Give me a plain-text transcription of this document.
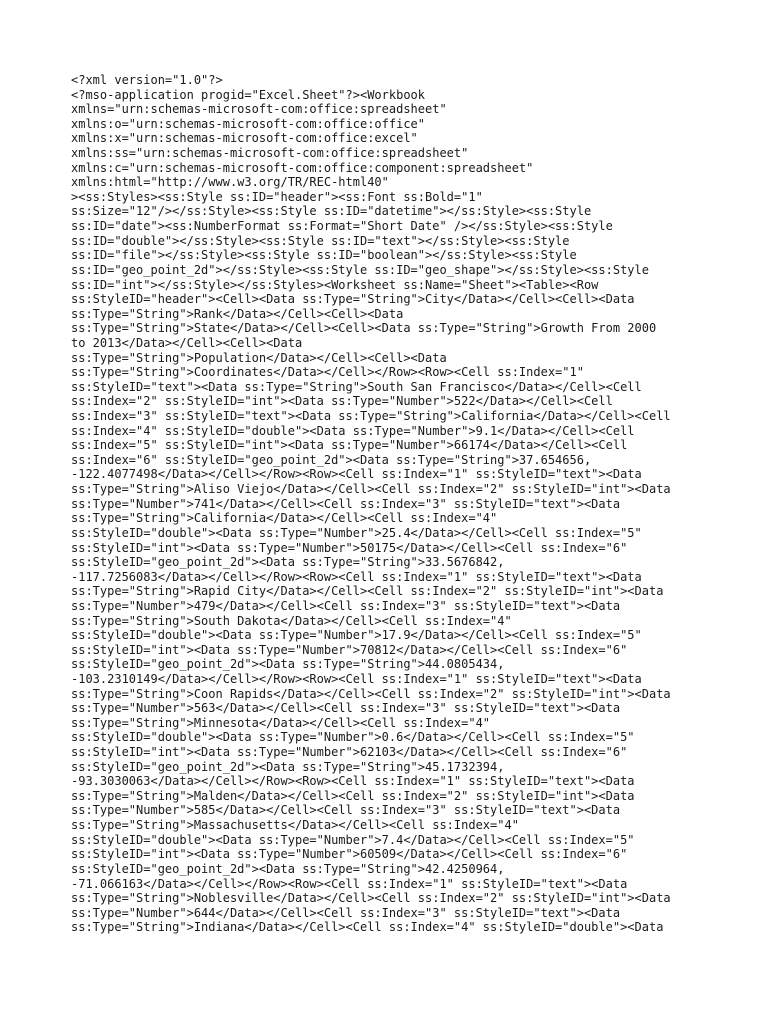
<?xml version="1.0"?>
<?mso-application progid="Excel.Sheet"?><Workbook
xmlns="urn:schemas-microsoft-com:office:spreadsheet"
xmlns:o="urn:schemas-microsoft-com:office:office"
xmlns:x="urn:schemas-microsoft-com:office:excel"
xmlns:ss="urn:schemas-microsoft-com:office:spreadsheet"
xmlns:c="urn:schemas-microsoft-com:office:component:spreadsheet"
xmlns:html="http://www.w3.org/TR/REC-html40"
><ss:Styles><ss:Style ss:ID="header"><ss:Font ss:Bold="1"
ss:Size="12"/></ss:Style><ss:Style ss:ID="datetime"></ss:Style><ss:Style
ss:ID="date"><ss:NumberFormat ss:Format="Short Date" /></ss:Style><ss:Style
ss:ID="double"></ss:Style><ss:Style ss:ID="text"></ss:Style><ss:Style
ss:ID="file"></ss:Style><ss:Style ss:ID="boolean"></ss:Style><ss:Style
ss:ID="geo_point_2d"></ss:Style><ss:Style ss:ID="geo_shape"></ss:Style><ss:Style
ss:ID="int"></ss:Style></ss:Styles><Worksheet ss:Name="Sheet"><Table><Row
ss:StyleID="header"><Cell><Data ss:Type="String">City</Data></Cell><Cell><Data
ss:Type="String">Rank</Data></Cell><Cell><Data
ss:Type="String">State</Data></Cell><Cell><Data ss:Type="String">Growth From 2000
to 2013</Data></Cell><Cell><Data
ss:Type="String">Population</Data></Cell><Cell><Data
ss:Type="String">Coordinates</Data></Cell></Row><Row><Cell ss:Index="1"
ss:StyleID="text"><Data ss:Type="String">South San Francisco</Data></Cell><Cell
ss:Index="2" ss:StyleID="int"><Data ss:Type="Number">522</Data></Cell><Cell
ss:Index="3" ss:StyleID="text"><Data ss:Type="String">California</Data></Cell><Cell
ss:Index="4" ss:StyleID="double"><Data ss:Type="Number">9.1</Data></Cell><Cell
ss:Index="5" ss:StyleID="int"><Data ss:Type="Number">66174</Data></Cell><Cell
ss:Index="6" ss:StyleID="geo_point_2d"><Data ss:Type="String">37.654656,
-122.4077498</Data></Cell></Row><Row><Cell ss:Index="1" ss:StyleID="text"><Data
ss:Type="String">Aliso Viejo</Data></Cell><Cell ss:Index="2" ss:StyleID="int"><Data
ss:Type="Number">741</Data></Cell><Cell ss:Index="3" ss:StyleID="text"><Data
ss:Type="String">California</Data></Cell><Cell ss:Index="4"
ss:StyleID="double"><Data ss:Type="Number">25.4</Data></Cell><Cell ss:Index="5"
ss:StyleID="int"><Data ss:Type="Number">50175</Data></Cell><Cell ss:Index="6"
ss:StyleID="geo_point_2d"><Data ss:Type="String">33.5676842,
-117.7256083</Data></Cell></Row><Row><Cell ss:Index="1" ss:StyleID="text"><Data
ss:Type="String">Rapid City</Data></Cell><Cell ss:Index="2" ss:StyleID="int"><Data
ss:Type="Number">479</Data></Cell><Cell ss:Index="3" ss:StyleID="text"><Data
ss:Type="String">South Dakota</Data></Cell><Cell ss:Index="4"
ss:StyleID="double"><Data ss:Type="Number">17.9</Data></Cell><Cell ss:Index="5"
ss:StyleID="int"><Data ss:Type="Number">70812</Data></Cell><Cell ss:Index="6"
ss:StyleID="geo_point_2d"><Data ss:Type="String">44.0805434,
-103.2310149</Data></Cell></Row><Row><Cell ss:Index="1" ss:StyleID="text"><Data
ss:Type="String">Coon Rapids</Data></Cell><Cell ss:Index="2" ss:StyleID="int"><Data
ss:Type="Number">563</Data></Cell><Cell ss:Index="3" ss:StyleID="text"><Data
ss:Type="String">Minnesota</Data></Cell><Cell ss:Index="4"
ss:StyleID="double"><Data ss:Type="Number">0.6</Data></Cell><Cell ss:Index="5"
ss:StyleID="int"><Data ss:Type="Number">62103</Data></Cell><Cell ss:Index="6"
ss:StyleID="geo_point_2d"><Data ss:Type="String">45.1732394,
-93.3030063</Data></Cell></Row><Row><Cell ss:Index="1" ss:StyleID="text"><Data
ss:Type="String">Malden</Data></Cell><Cell ss:Index="2" ss:StyleID="int"><Data
ss:Type="Number">585</Data></Cell><Cell ss:Index="3" ss:StyleID="text"><Data
ss:Type="String">Massachusetts</Data></Cell><Cell ss:Index="4"
ss:StyleID="double"><Data ss:Type="Number">7.4</Data></Cell><Cell ss:Index="5"
ss:StyleID="int"><Data ss:Type="Number">60509</Data></Cell><Cell ss:Index="6"
ss:StyleID="geo_point_2d"><Data ss:Type="String">42.4250964,
-71.066163</Data></Cell></Row><Row><Cell ss:Index="1" ss:StyleID="text"><Data
ss:Type="String">Noblesville</Data></Cell><Cell ss:Index="2" ss:StyleID="int"><Data
ss:Type="Number">644</Data></Cell><Cell ss:Index="3" ss:StyleID="text"><Data
ss:Type="String">Indiana</Data></Cell><Cell ss:Index="4" ss:StyleID="double"><Data
